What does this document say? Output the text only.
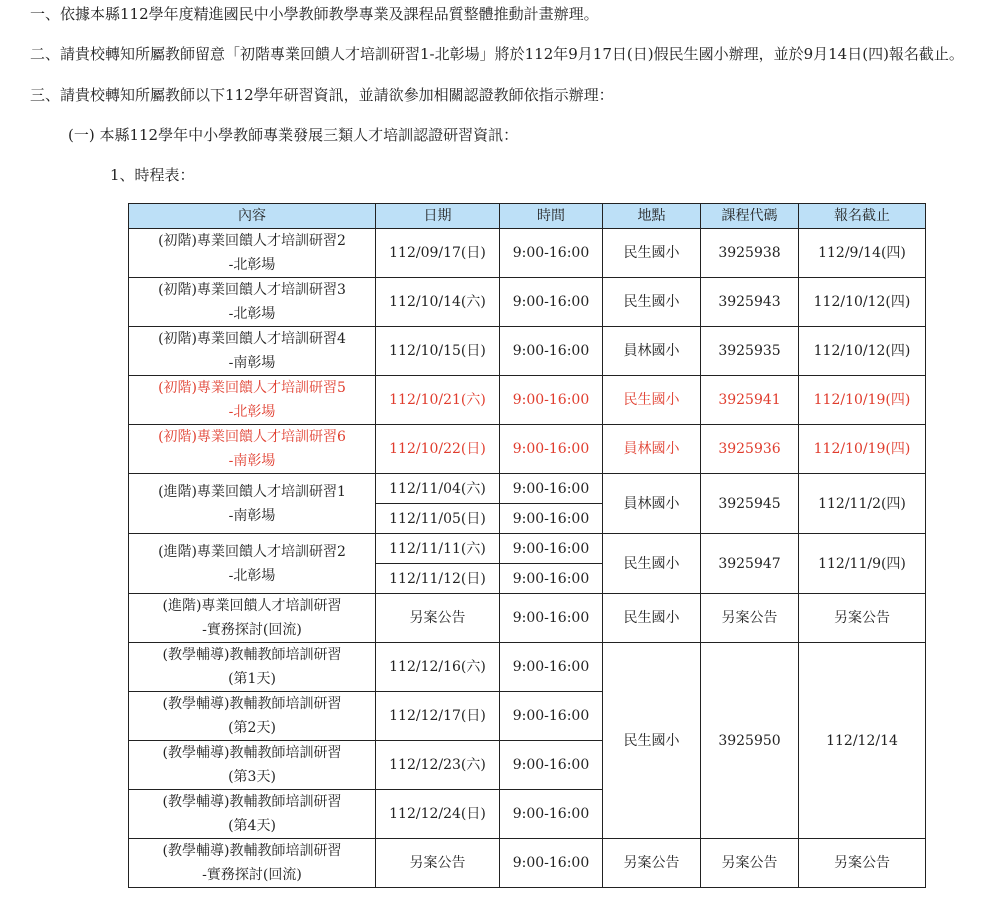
一、依據本縣112學年度精進國民中小學教師教學專業及課程品質整體推動計畫辦理。
二、請貴校轉知所屬教師留意「初階專業回饋人才培訓研習1-北彰場」將於112年9月17日(日)假民生國小辦理，並於9月14日(四)報名截止。
三、請貴校轉知所屬教師以下112學年研習資訊，並請欲參加相關認證教師依指示辦理：
(一) 本縣112學年中小學教師專業發展三類人才培訓認證研習資訊：
1、時程表：
內容	日期	時間	地點	課程代碼	報名截止

(初階)專業回饋人才培訓研習2
-北彰場	112/09/17(日)	9:00-16:00	民生國小	3925938	112/9/14(四)

(初階)專業回饋人才培訓研習3
-北彰場	112/10/14(六)	9:00-16:00	民生國小	3925943	112/10/12(四)

(初階)專業回饋人才培訓研習4
-南彰場	112/10/15(日)	9:00-16:00	員林國小	3925935	112/10/12(四)

(初階)專業回饋人才培訓研習5
-北彰場	112/10/21(六)	9:00-16:00	民生國小	3925941	112/10/19(四)

(初階)專業回饋人才培訓研習6
-南彰場	112/10/22(日)	9:00-16:00	員林國小	3925936	112/10/19(四)

(進階)專業回饋人才培訓研習1
-南彰場	112/11/04(六)	9:00-16:00	員林國小	3925945	112/11/2(四)
	112/11/05(日)	9:00-16:00			

(進階)專業回饋人才培訓研習2
-北彰場	112/11/11(六)	9:00-16:00	民生國小	3925947	112/11/9(四)
	112/11/12(日)	9:00-16:00			

(進階)專業回饋人才培訓研習
-實務探討(回流)	另案公告	9:00-16:00	民生國小	另案公告	另案公告

(教學輔導)教輔教師培訓研習
(第1天)	112/12/16(六)	9:00-16:00	民生國小	3925950	112/12/14

(教學輔導)教輔教師培訓研習
(第2天)	112/12/17(日)	9:00-16:00			

(教學輔導)教輔教師培訓研習
(第3天)	112/12/23(六)	9:00-16:00			

(教學輔導)教輔教師培訓研習
(第4天)	112/12/24(日)	9:00-16:00			

(教學輔導)教輔教師培訓研習
-實務探討(回流)	另案公告	9:00-16:00	另案公告	另案公告	另案公告
